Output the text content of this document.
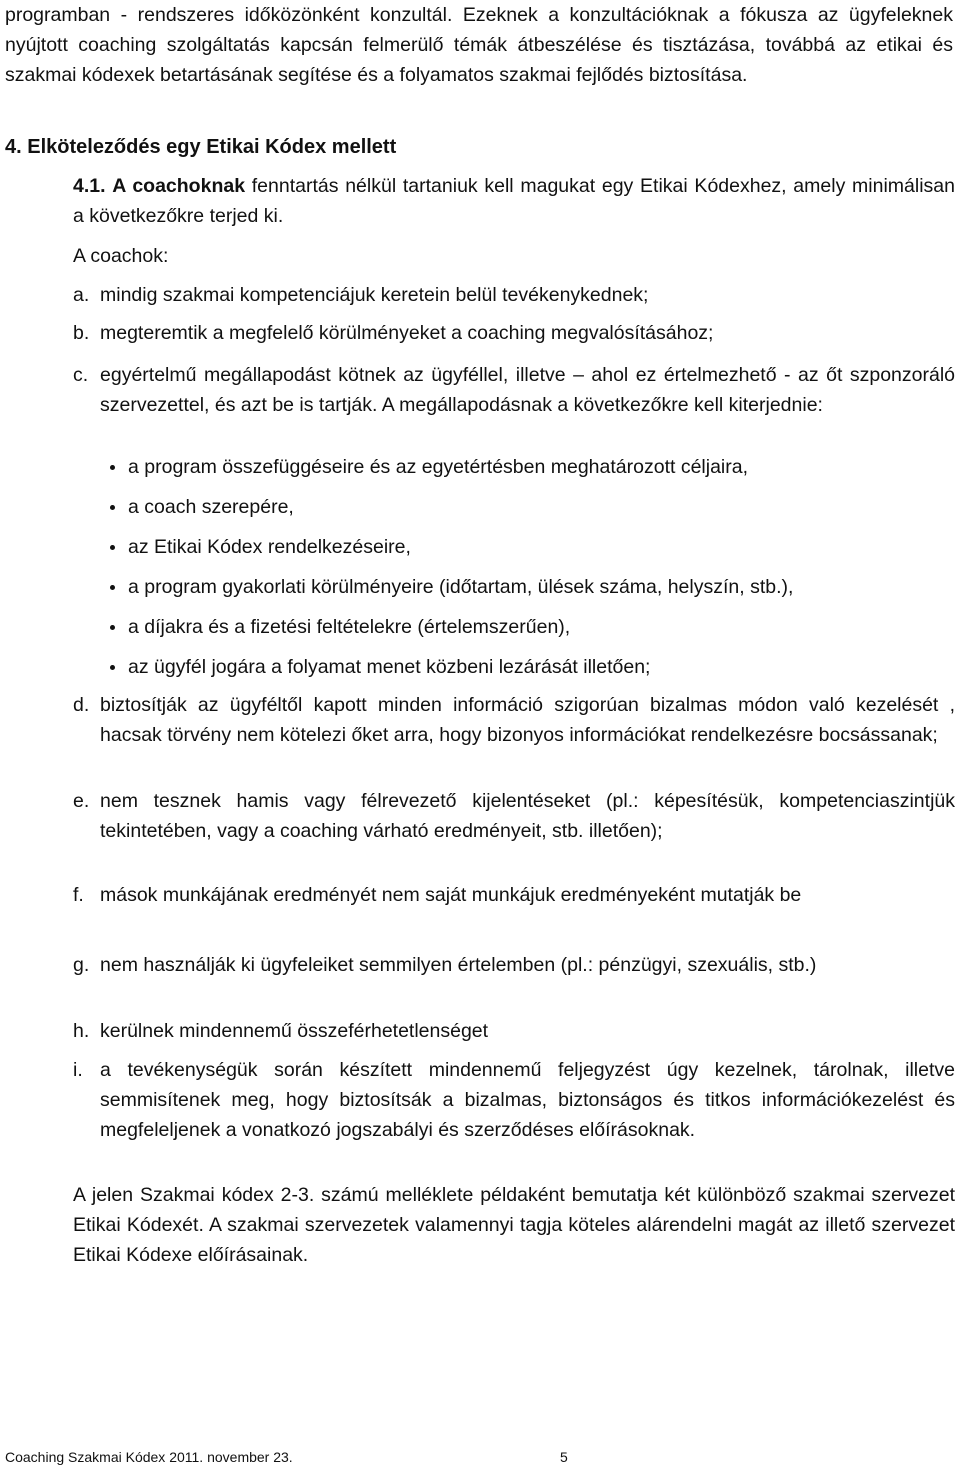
programban - rendszeres időközönként konzultál. Ezeknek a konzultációknak a fókusza az ügyfeleknek nyújtott coaching szolgáltatás kapcsán felmerülő témák átbeszélése és tisztázása, továbbá az etikai és szakmai kódexek betartásának segítése és a folyamatos szakmai fejlődés biztosítása.

4. Elköteleződés egy Etikai Kódex mellett

4.1. A coachoknak fenntartás nélkül tartaniuk kell magukat egy Etikai Kódexhez, amely minimálisan a következőkre terjed ki.

A coachok:

a. mindig szakmai kompetenciájuk keretein belül tevékenykednek;
b. megteremtik a megfelelő körülményeket a coaching megvalósításához;
c. egyértelmű megállapodást kötnek az ügyféllel, illetve – ahol ez értelmezhető - az őt szponzoráló szervezettel, és azt be is tartják. A megállapodásnak a következőkre kell kiterjednie:
a program összefüggéseire és az egyetértésben meghatározott céljaira,
a coach szerepére,
az Etikai Kódex rendelkezéseire,
a program gyakorlati körülményeire (időtartam, ülések száma, helyszín, stb.),
a díjakra és a fizetési feltételekre (értelemszerűen),
az ügyfél jogára a folyamat menet közbeni lezárását illetően;
d. biztosítják az ügyféltől kapott minden információ szigorúan bizalmas módon való kezelését , hacsak törvény nem kötelezi őket arra, hogy bizonyos információkat rendelkezésre bocsássanak;
e. nem tesznek hamis vagy félrevezető kijelentéseket (pl.: képesítésük, kompetenciaszintjük tekintetében, vagy a coaching várható eredményeit, stb. illetően);
f. mások munkájának eredményét nem saját munkájuk eredményeként mutatják be
g. nem használják ki ügyfeleiket semmilyen értelemben (pl.: pénzügyi, szexuális, stb.)
h. kerülnek mindennemű összeférhetetlenséget
i. a tevékenységük során készített mindennemű feljegyzést úgy kezelnek, tárolnak, illetve semmisítenek meg, hogy biztosítsák a bizalmas, biztonságos és titkos információkezelést és megfeleljenek a vonatkozó jogszabályi és szerződéses előírásoknak.

A jelen Szakmai kódex 2-3. számú melléklete példaként bemutatja két különböző szakmai szervezet Etikai Kódexét. A szakmai szervezetek valamennyi tagja köteles alárendelni magát az illető szervezet Etikai Kódexe előírásainak.

Coaching Szakmai Kódex 2011. november 23.	5
